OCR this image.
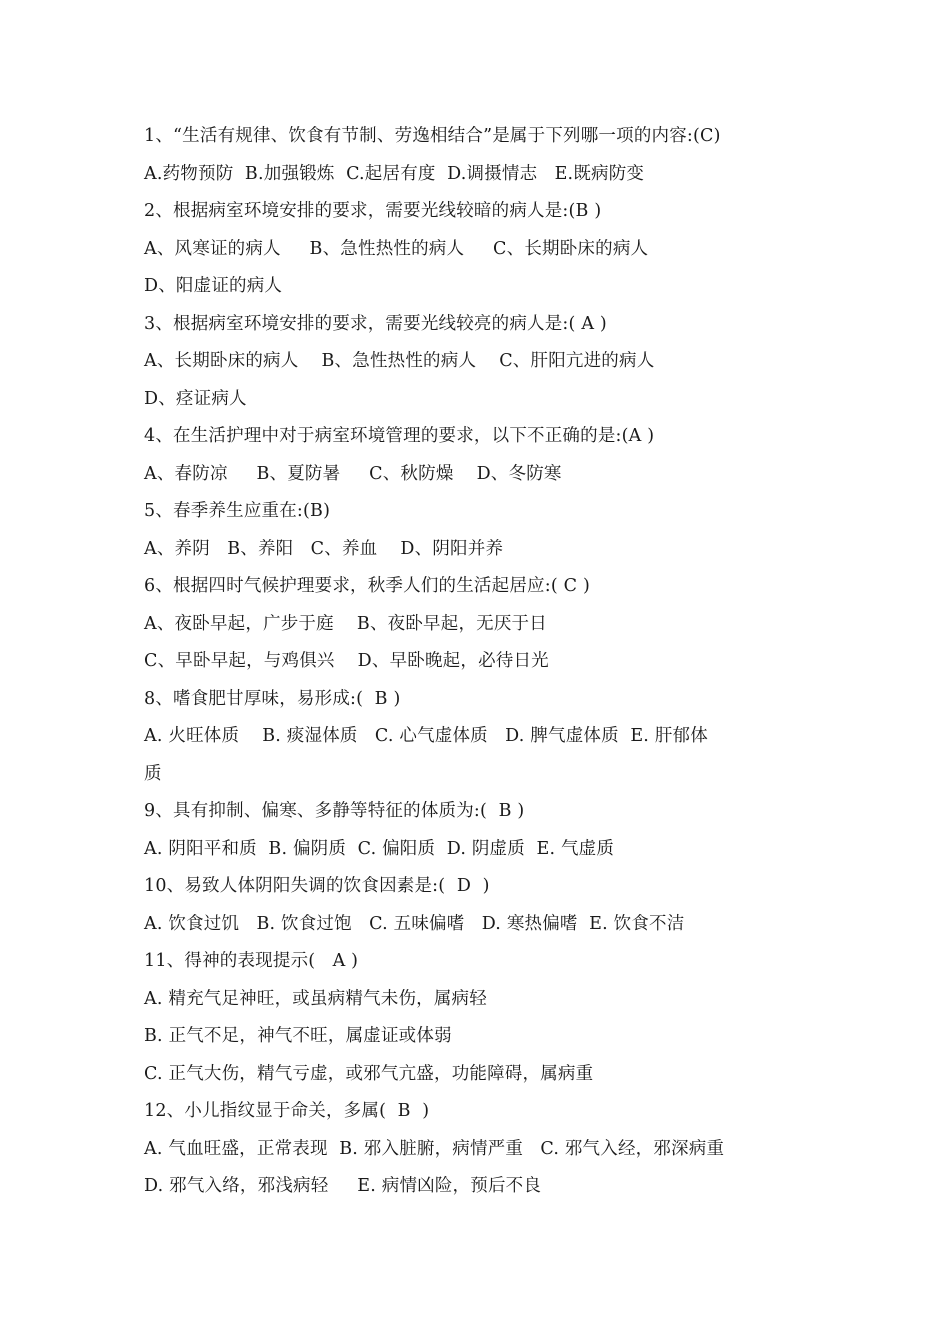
1、“生活有规律、饮食有节制、劳逸相结合”是属于下列哪一项的内容:(C)
A.药物预防  B.加强锻炼  C.起居有度  D.调摄情志   E.既病防变
2、根据病室环境安排的要求，需要光线较暗的病人是:(B )
A、风寒证的病人     B、急性热性的病人     C、长期卧床的病人
D、阳虚证的病人
3、根据病室环境安排的要求，需要光线较亮的病人是:( A )
A、长期卧床的病人    B、急性热性的病人    C、肝阳亢进的病人
D、痉证病人
4、在生活护理中对于病室环境管理的要求，以下不正确的是:(A )
A、春防凉     B、夏防暑     C、秋防燥    D、冬防寒
5、春季养生应重在:(B)
A、养阴   B、养阳   C、养血    D、阴阳并养
6、根据四时气候护理要求，秋季人们的生活起居应:( C )
A、夜卧早起，广步于庭    B、夜卧早起，无厌于日
C、早卧早起，与鸡俱兴    D、早卧晚起，必待日光
8、嗜食肥甘厚味，易形成:(  B )
A. 火旺体质    B. 痰湿体质   C. 心气虚体质   D. 脾气虚体质  E. 肝郁体
质
9、具有抑制、偏寒、多静等特征的体质为:(  B )
A. 阴阳平和质  B. 偏阴质  C. 偏阳质  D. 阴虚质  E. 气虚质
10、易致人体阴阳失调的饮食因素是:(  D  )
A. 饮食过饥   B. 饮食过饱   C. 五味偏嗜   D. 寒热偏嗜  E. 饮食不洁
11、得神的表现提示(   A )
A. 精充气足神旺，或虽病精气未伤，属病轻
B. 正气不足，神气不旺，属虚证或体弱
C. 正气大伤，精气亏虚，或邪气亢盛，功能障碍，属病重
12、小儿指纹显于命关，多属(  B  )
A. 气血旺盛，正常表现  B. 邪入脏腑，病情严重   C. 邪气入经，邪深病重
D. 邪气入络，邪浅病轻     E. 病情凶险，预后不良
